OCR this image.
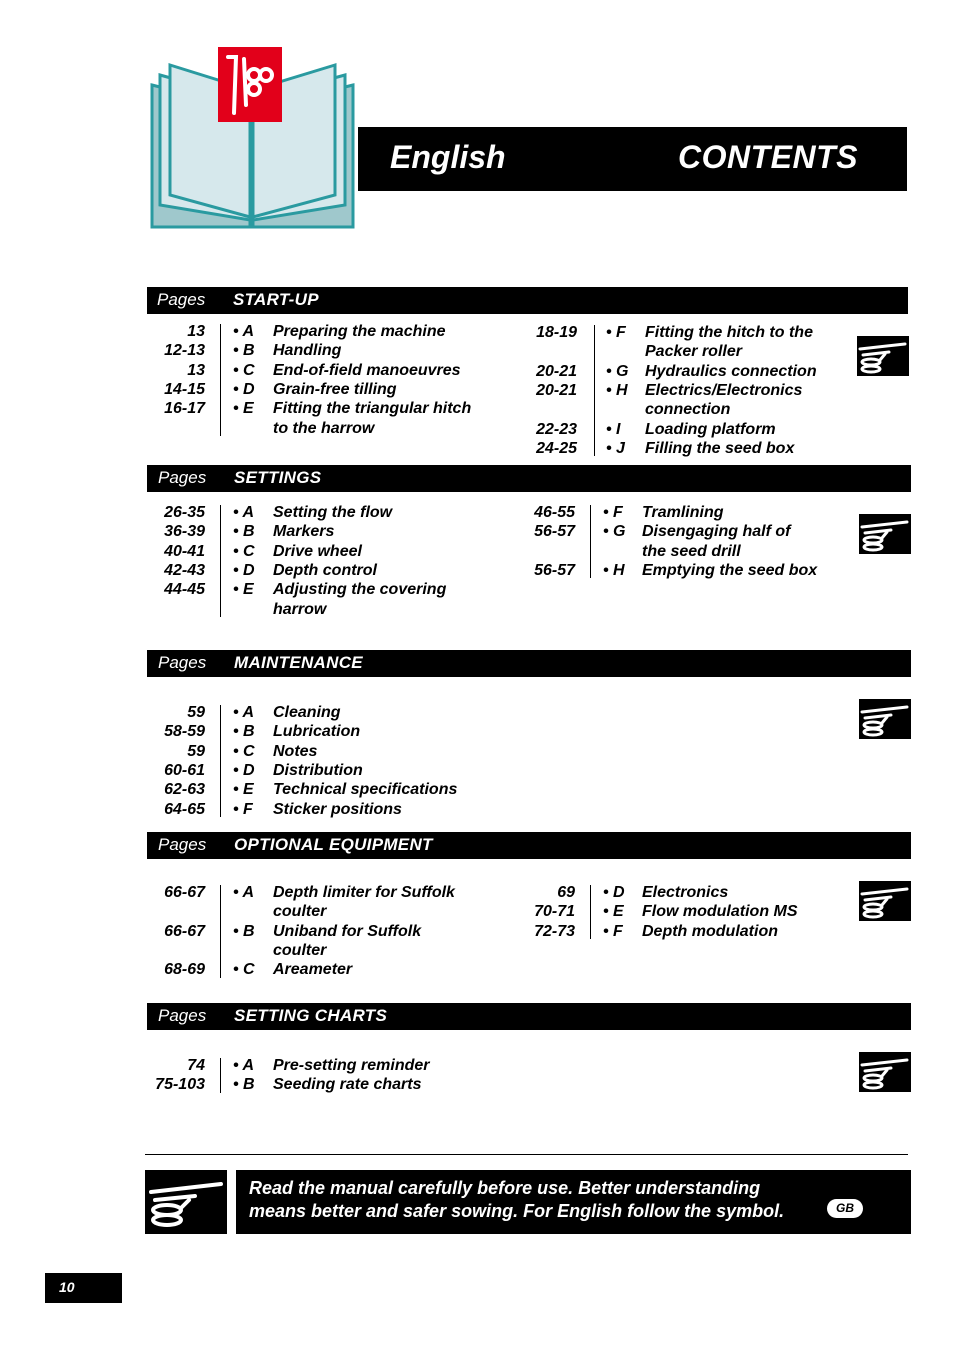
English	CONTENTS
Pages START-UP
13 • A Preparing the machine
12-13 • B Handling
13 • C End-of-field manoeuvres
14-15 • D Grain-free tilling
16-17 • E Fitting the triangular hitch
to the harrow
18-19 • F Fitting the hitch to the
Packer roller
20-21 • G Hydraulics connection
20-21 • H Electrics/Electronics
connection
22-23 • I Loading platform
24-25 • J Filling the seed box
Pages SETTINGS
26-35 • A Setting the flow
36-39 • B Markers
40-41 • C Drive wheel
42-43 • D Depth control
44-45 • E Adjusting the covering
harrow
46-55 • F Tramlining
56-57 • G Disengaging half of
the seed drill
56-57 • H Emptying the seed box
Pages MAINTENANCE
59 • A Cleaning
58-59 • B Lubrication
59 • C Notes
60-61 • D Distribution
62-63 • E Technical specifications
64-65 • F Sticker positions
Pages OPTIONAL EQUIPMENT
66-67 • A Depth limiter for Suffolk
coulter
66-67 • B Uniband for Suffolk
coulter
68-69 • C Areameter
69 • D Electronics
70-71 • E Flow modulation MS
72-73 • F Depth modulation
Pages SETTING CHARTS
74 • A Pre-setting reminder
75-103 • B Seeding rate charts
Read the manual carefully before use. Better understanding
means better and safer sowing. For English follow the symbol.	GB
10
